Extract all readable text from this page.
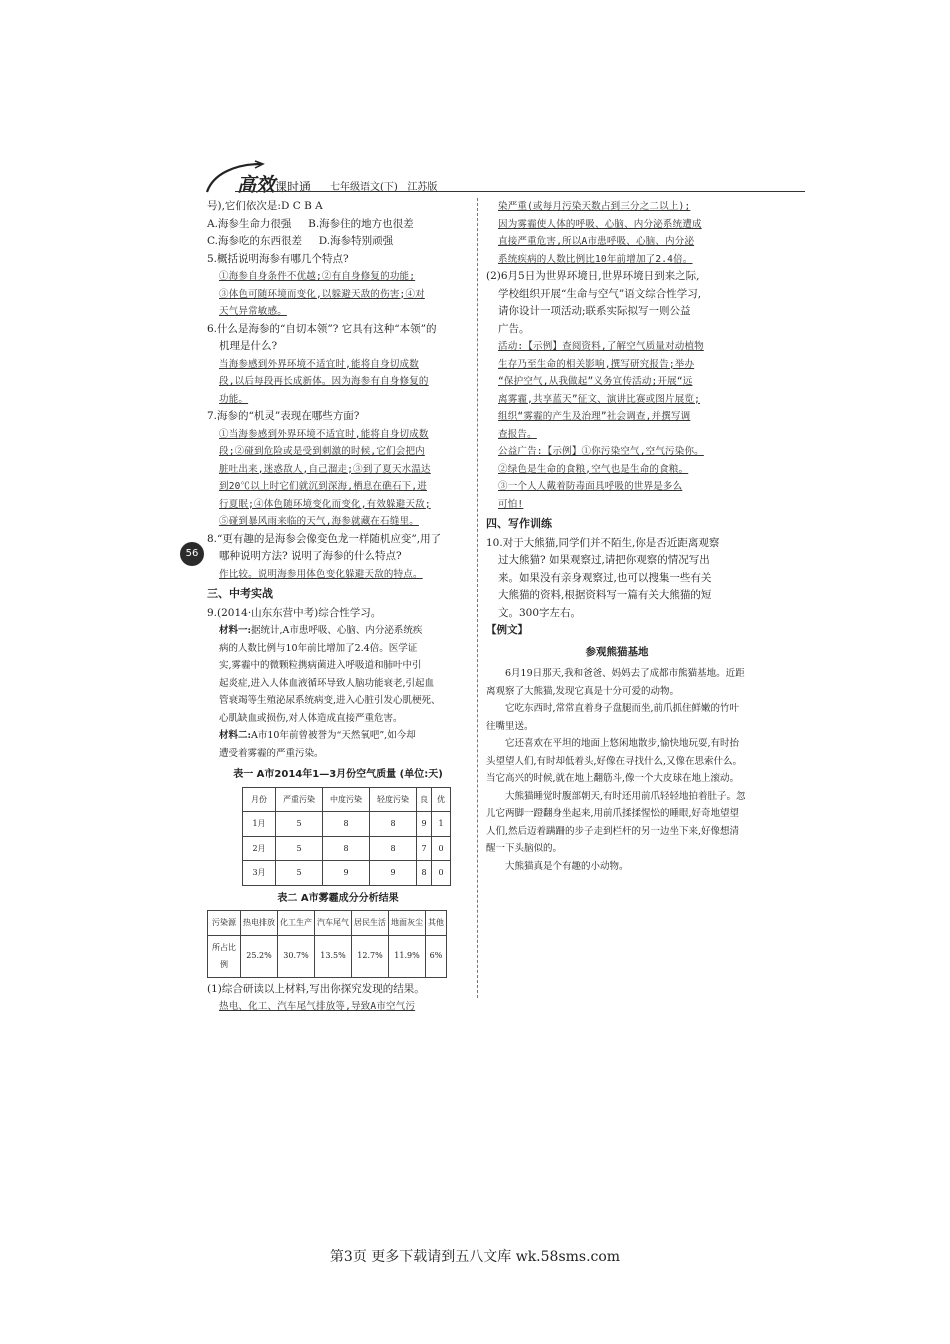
高效课时通 七年级语文(下) 江苏版
56
号),它们依次是:D C B A
A.海参生命力很强 B.海参住的地方也很差
C.海参吃的东西很差 D.海参特别顽强
5.概括说明海参有哪几个特点?
①海参自身条件不优越;②有自身修复的功能;
③体色可随环境而变化,以躲避天敌的伤害;④对
天气异常敏感。
6.什么是海参的“自切本领”? 它具有这种“本领”的
机理是什么?
当海参感到外界环境不适宜时,能将自身切成数
段,以后每段再长成新体。因为海参有自身修复的
功能。
7.海参的“机灵”表现在哪些方面?
①当海参感到外界环境不适宜时,能将自身切成数
段;②碰到危险或是受到刺激的时候,它们会把内
脏吐出来,迷惑敌人,自己溜走;③到了夏天水温达
到20℃以上时它们就沉到深海,栖息在礁石下,进
行夏眠;④体色随环境变化而变化,有效躲避天敌;
⑤碰到暴风雨来临的天气,海参就藏在石缝里。
8.“更有趣的是海参会像变色龙一样随机应变”,用了
哪种说明方法? 说明了海参的什么特点?
作比较。说明海参用体色变化躲避天敌的特点。
三、中考实战
9.(2014·山东东营中考)综合性学习。
材料一:据统计,A市患呼吸、心脑、内分泌系统疾
病的人数比例与10年前比增加了2.4倍。医学证
实,雾霾中的微颗粒携病菌进入呼吸道和肺叶中引
起炎症,进入人体血液循环导致人脑功能衰老,引起血
管衰竭等生殖泌尿系统病变,进入心脏引发心肌梗死、
心肌缺血或损伤,对人体造成直接严重危害。
材料二:A市10年前曾被誉为“天然氧吧”,如今却
遭受着雾霾的严重污染。
表一 A市2014年1—3月份空气质量 (单位:天)
月份	严重污染	中度污染	轻度污染	良	优
1月	5	8	8	9	1
2月	5	8	8	7	0
3月	5	9	9	8	0
表二 A市雾霾成分分析结果
污染源	热电排放	化工生产	汽车尾气	居民生活	地面灰尘	其他
所占比例	25.2%	30.7%	13.5%	12.7%	11.9%	6%
(1)综合研读以上材料,写出你探究发现的结果。
热电、化工、汽车尾气排放等,导致A市空气污
染严重(或每月污染天数占到三分之二以上);
因为雾霾使人体的呼吸、心脑、内分泌系统遭成
直接严重危害,所以A市患呼吸、心脑、内分泌
系统疾病的人数比例比10年前增加了2.4倍。
(2)6月5日为世界环境日,世界环境日到来之际,
学校组织开展“生命与空气”语文综合性学习,
请你设计一项活动;联系实际拟写一则公益
广告。
活动:【示例】查阅资料,了解空气质量对动植物
生存乃至生命的相关影响,撰写研究报告;举办
“保护空气,从我做起”义务宣传活动;开展“远
离雾霾,共享蓝天”征文、演讲比赛或图片展览;
组织“雾霾的产生及治理”社会调查,并撰写调
查报告。
公益广告:【示例】①你污染空气,空气污染你。
②绿色是生命的食粮,空气也是生命的食粮。
③一个人人戴着防毒面具呼吸的世界是多么
可怕!
四、写作训练
10.对于大熊猫,同学们并不陌生,你是否近距离观察
过大熊猫? 如果观察过,请把你观察的情况写出
来。如果没有亲身观察过,也可以搜集一些有关
大熊猫的资料,根据资料写一篇有关大熊猫的短
文。300字左右。
【例文】
参观熊猫基地
6月19日那天,我和爸爸、妈妈去了成都市熊猫基地。近距离观察了大熊猫,发现它真是十分可爱的动物。
它吃东西时,常常直着身子盘腿而坐,前爪抓住鲜嫩的竹叶往嘴里送。
它还喜欢在平坦的地面上悠闲地散步,愉快地玩耍,有时抬头望望人们,有时却低着头,好像在寻找什么,又像在思索什么。当它高兴的时候,就在地上翻筋斗,像一个大皮球在地上滚动。
大熊猫睡觉时腹部朝天,有时还用前爪轻轻地拍着肚子。忽儿它两脚一蹬翻身坐起来,用前爪揉揉惺忪的睡眼,好奇地望望人们,然后迈着蹒跚的步子走到栏杆的另一边坐下来,好像想清醒一下头脑似的。
大熊猫真是个有趣的小动物。
第3页 更多下载请到五八文库 wk.58sms.com
